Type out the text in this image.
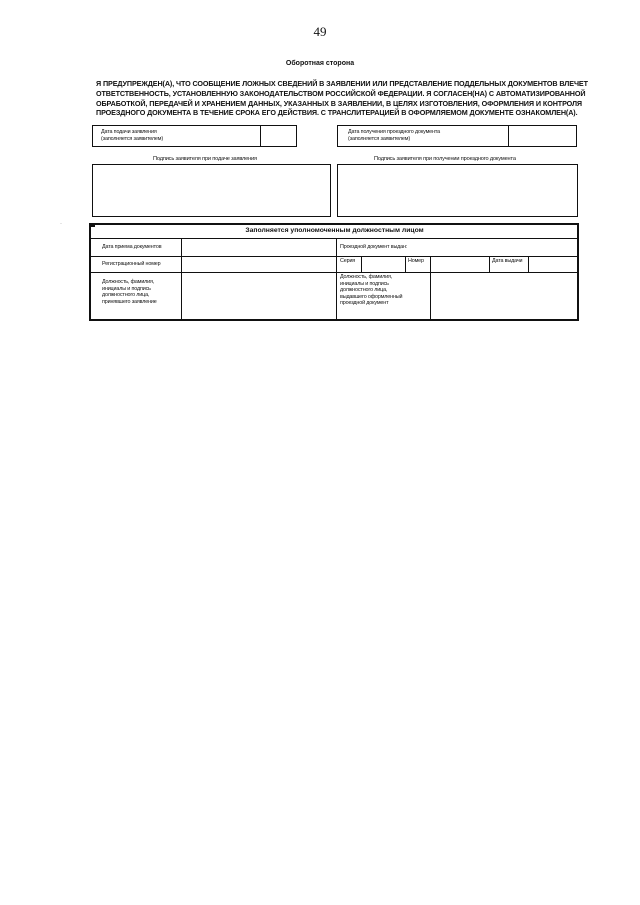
49
Оборотная сторона
Я ПРЕДУПРЕЖДЕН(А), ЧТО СООБЩЕНИЕ ЛОЖНЫХ СВЕДЕНИЙ В ЗАЯВЛЕНИИ ИЛИ ПРЕДСТАВЛЕНИЕ ПОДДЕЛЬНЫХ ДОКУМЕНТОВ ВЛЕЧЕТ
ОТВЕТСТВЕННОСТЬ, УСТАНОВЛЕННУЮ ЗАКОНОДАТЕЛЬСТВОМ РОССИЙСКОЙ ФЕДЕРАЦИИ. Я СОГЛАСЕН(НА) С АВТОМАТИЗИРОВАННОЙ
ОБРАБОТКОЙ, ПЕРЕДАЧЕЙ И ХРАНЕНИЕМ ДАННЫХ, УКАЗАННЫХ В ЗАЯВЛЕНИИ, В ЦЕЛЯХ ИЗГОТОВЛЕНИЯ, ОФОРМЛЕНИЯ И КОНТРОЛЯ
ПРОЕЗДНОГО ДОКУМЕНТА В ТЕЧЕНИЕ СРОКА ЕГО ДЕЙСТВИЯ. С ТРАНСЛИТЕРАЦИЕЙ В ОФОРМЛЯЕМОМ ДОКУМЕНТЕ ОЗНАКОМЛЕН(А).
Дата подачи заявления
(заполняется заявителем)
Дата получения проездного документа
(заполняется заявителем)
Подпись заявителя при подаче заявления	Подпись заявителя при получении проездного документа
·
Заполняется уполномоченным должностным лицом
Дата приема документов	Проездной документ выдан:
Регистрационный номер	Серия	Номер	Дата выдачи
Должность, фамилия,
инициалы и подпись
должностного лица,
принявшего заявление
Должность, фамилия,
инициалы и подпись
должностного лица,
выдавшего оформленный
проездной документ
